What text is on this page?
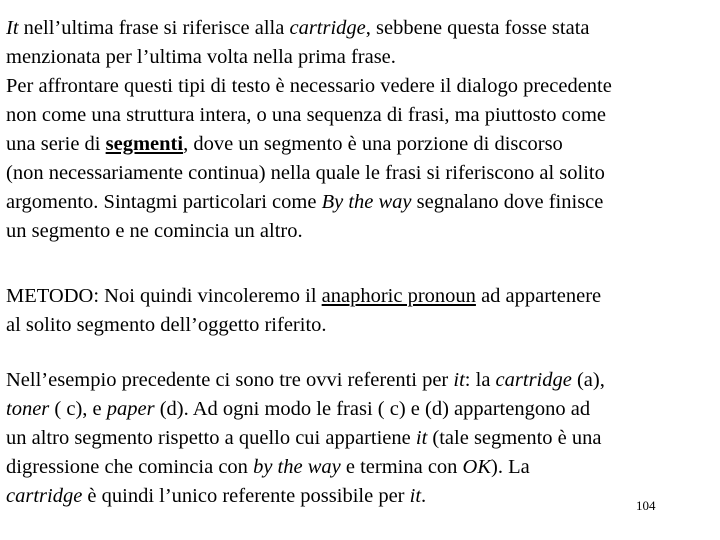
It nell’ultima frase si riferisce alla cartridge, sebbene questa fosse stata
menzionata per l’ultima volta nella prima frase.
Per affrontare questi tipi di testo è necessario vedere il dialogo precedente
non come una struttura intera, o una sequenza di frasi, ma piuttosto come
una serie di segmenti, dove un segmento è una porzione di discorso
(non necessariamente continua) nella quale le frasi si riferiscono al solito
argomento. Sintagmi particolari come By the way segnalano dove finisce
un segmento e ne comincia un altro.
METODO: Noi quindi vincoleremo il anaphoric pronoun ad appartenere
al solito segmento dell’oggetto riferito.
Nell’esempio precedente ci sono tre ovvi referenti per it: la cartridge (a),
toner ( c), e paper (d). Ad ogni modo le frasi ( c) e (d) appartengono ad
un altro segmento rispetto a quello cui appartiene it (tale segmento è una
digressione che comincia con by the way e termina con OK). La
cartridge è quindi l’unico referente possibile per it.	104
